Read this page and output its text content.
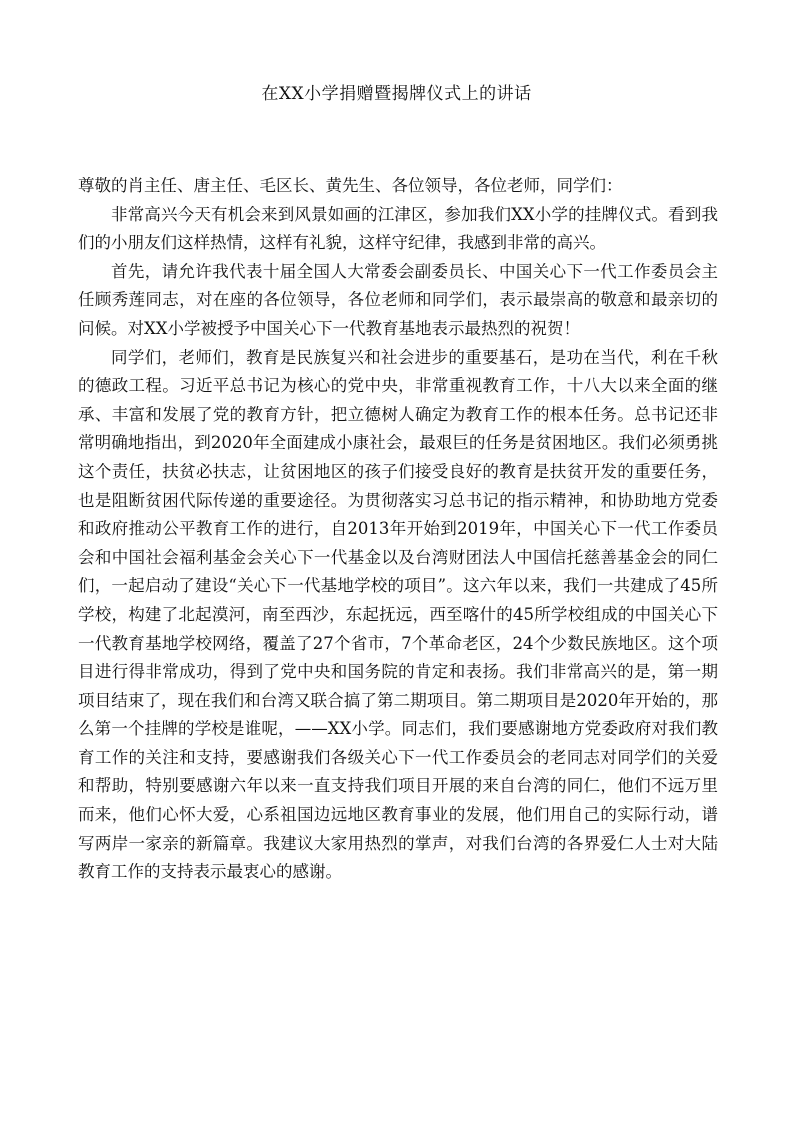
在XX小学捐赠暨揭牌仪式上的讲话

尊敬的肖主任、唐主任、毛区长、黄先生、各位领导，各位老师，同学们：

非常高兴今天有机会来到风景如画的江津区，参加我们XX小学的挂牌仪式。看到我们的小朋友们这样热情，这样有礼貌，这样守纪律，我感到非常的高兴。

首先，请允许我代表十届全国人大常委会副委员长、中国关心下一代工作委员会主任顾秀莲同志，对在座的各位领导，各位老师和同学们，表示最崇高的敬意和最亲切的问候。对XX小学被授予中国关心下一代教育基地表示最热烈的祝贺！

同学们，老师们，教育是民族复兴和社会进步的重要基石，是功在当代，利在千秋的德政工程。习近平总书记为核心的党中央，非常重视教育工作，十八大以来全面的继承、丰富和发展了党的教育方针，把立德树人确定为教育工作的根本任务。总书记还非常明确地指出，到2020年全面建成小康社会，最艰巨的任务是贫困地区。我们必须勇挑这个责任，扶贫必扶志，让贫困地区的孩子们接受良好的教育是扶贫开发的重要任务，也是阻断贫困代际传递的重要途径。为贯彻落实习总书记的指示精神，和协助地方党委和政府推动公平教育工作的进行，自2013年开始到2019年，中国关心下一代工作委员会和中国社会福利基金会关心下一代基金以及台湾财团法人中国信托慈善基金会的同仁们，一起启动了建设“关心下一代基地学校的项目”。这六年以来，我们一共建成了45所学校，构建了北起漠河，南至西沙，东起抚远，西至喀什的45所学校组成的中国关心下一代教育基地学校网络，覆盖了27个省市，7个革命老区，24个少数民族地区。这个项目进行得非常成功，得到了党中央和国务院的肯定和表扬。我们非常高兴的是，第一期项目结束了，现在我们和台湾又联合搞了第二期项目。第二期项目是2020年开始的，那么第一个挂牌的学校是谁呢，——XX小学。同志们，我们要感谢地方党委政府对我们教育工作的关注和支持，要感谢我们各级关心下一代工作委员会的老同志对同学们的关爱和帮助，特别要感谢六年以来一直支持我们项目开展的来自台湾的同仁，他们不远万里而来，他们心怀大爱，心系祖国边远地区教育事业的发展，他们用自己的实际行动，谱写两岸一家亲的新篇章。我建议大家用热烈的掌声，对我们台湾的各界爱仁人士对大陆教育工作的支持表示最衷心的感谢。
